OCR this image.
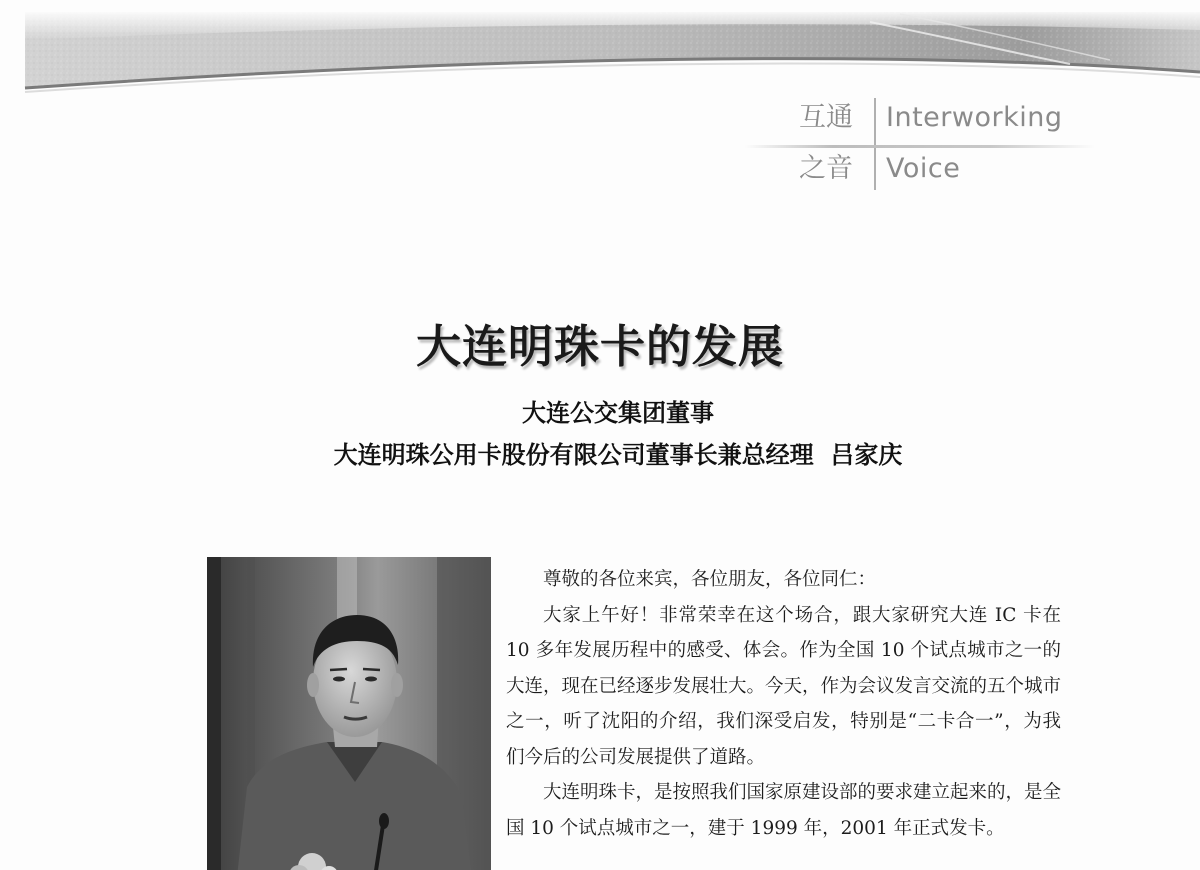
互通 Interworking
之音 Voice
大连明珠卡的发展
大连公交集团董事
大连明珠公用卡股份有限公司董事长兼总经理  吕家庆

尊敬的各位来宾，各位朋友，各位同仁：

大家上午好！非常荣幸在这个场合，跟大家研究大连 IC 卡在 10 多年发展历程中的感受、体会。作为全国 10 个试点城市之一的大连，现在已经逐步发展壮大。今天，作为会议发言交流的五个城市之一，听了沈阳的介绍，我们深受启发，特别是“二卡合一”，为我们今后的公司发展提供了道路。

大连明珠卡，是按照我们国家原建设部的要求建立起来的，是全国 10 个试点城市之一，建于 1999 年，2001 年正式发卡。
